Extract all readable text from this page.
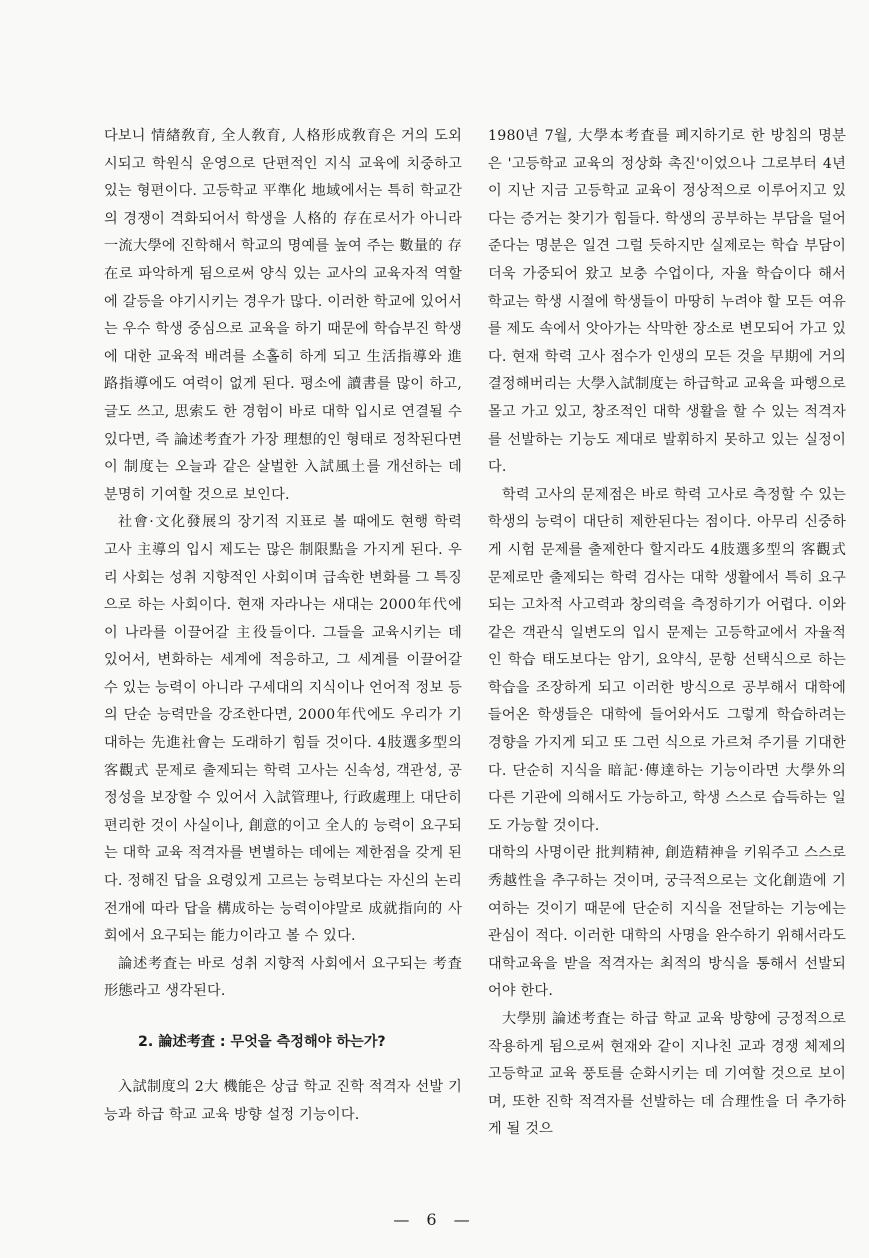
다보니 情緖敎育, 全人敎育, 人格形成敎育은 거의 도외시되고 학원식 운영으로 단편적인 지식 교육에 치중하고 있는 형편이다. 고등학교 平準化 地域에서는 특히 학교간의 경쟁이 격화되어서 학생을 人格的 存在로서가 아니라 一流大學에 진학해서 학교의 명예를 높여 주는 數量的 存在로 파악하게 됨으로써 양식 있는 교사의 교육자적 역할에 갈등을 야기시키는 경우가 많다. 이러한 학교에 있어서는 우수 학생 중심으로 교육을 하기 때문에 학습부진 학생에 대한 교육적 배려를 소홀히 하게 되고 生活指導와 進路指導에도 여력이 없게 된다. 평소에 讀書를 많이 하고, 글도 쓰고, 思索도 한 경험이 바로 대학 입시로 연결될 수 있다면, 즉 論述考査가 가장 理想的인 형태로 정착된다면 이 制度는 오늘과 같은 살벌한 入試風土를 개선하는 데 분명히 기여할 것으로 보인다.

社會·文化發展의 장기적 지표로 볼 때에도 현행 학력 고사 主導의 입시 제도는 많은 制限點을 가지게 된다. 우리 사회는 성취 지향적인 사회이며 급속한 변화를 그 특징으로 하는 사회이다. 현재 자라나는 새대는 2000年代에 이 나라를 이끌어갈 主役들이다. 그들을 교육시키는 데 있어서, 변화하는 세계에 적응하고, 그 세계를 이끌어갈 수 있는 능력이 아니라 구세대의 지식이나 언어적 정보 등의 단순 능력만을 강조한다면, 2000年代에도 우리가 기대하는 先進社會는 도래하기 힘들 것이다. 4肢選多型의 客觀式 문제로 출제되는 학력 고사는 신속성, 객관성, 공정성을 보장할 수 있어서 入試管理나, 行政處理上 대단히 편리한 것이 사실이나, 創意的이고 全人的 능력이 요구되는 대학 교육 적격자를 변별하는 데에는 제한점을 갖게 된다. 정해진 답을 요령있게 고르는 능력보다는 자신의 논리 전개에 따라 답을 構成하는 능력이야말로 成就指向的 사회에서 요구되는 能力이라고 볼 수 있다.

論述考査는 바로 성취 지향적 사회에서 요구되는 考査形態라고 생각된다.

2. 論述考査 : 무엇을 측정해야 하는가?

入試制度의 2大 機能은 상급 학교 진학 적격자 선발 기능과 하급 학교 교육 방향 설정 기능이다.

1980년 7월, 大學本考査를 폐지하기로 한 방침의 명분은 '고등학교 교육의 정상화 촉진'이었으나 그로부터 4년이 지난 지금 고등학교 교육이 정상적으로 이루어지고 있다는 증거는 찾기가 힘들다. 학생의 공부하는 부담을 덜어준다는 명분은 일견 그럴 듯하지만 실제로는 학습 부담이 더욱 가중되어 왔고 보충 수업이다, 자율 학습이다 해서 학교는 학생 시절에 학생들이 마땅히 누려야 할 모든 여유를 제도 속에서 앗아가는 삭막한 장소로 변모되어 가고 있다. 현재 학력 고사 점수가 인생의 모든 것을 早期에 거의 결정해버리는 大學入試制度는 하급학교 교육을 파행으로 몰고 가고 있고, 창조적인 대학 생활을 할 수 있는 적격자를 선발하는 기능도 제대로 발휘하지 못하고 있는 실정이다.

학력 고사의 문제점은 바로 학력 고사로 측정할 수 있는 학생의 능력이 대단히 제한된다는 점이다. 아무리 신중하게 시험 문제를 출제한다 할지라도 4肢選多型의 客觀式 문제로만 출제되는 학력 검사는 대학 생활에서 특히 요구되는 고차적 사고력과 창의력을 측정하기가 어렵다. 이와 같은 객관식 일변도의 입시 문제는 고등학교에서 자율적인 학습 태도보다는 암기, 요약식, 문항 선택식으로 하는 학습을 조장하게 되고 이러한 방식으로 공부해서 대학에 들어온 학생들은 대학에 들어와서도 그렇게 학습하려는 경향을 가지게 되고 또 그런 식으로 가르쳐 주기를 기대한다. 단순히 지식을 暗記·傳達하는 기능이라면 大學外의 다른 기관에 의해서도 가능하고, 학생 스스로 습득하는 일도 가능할 것이다.

대학의 사명이란 批判精神, 創造精神을 키워주고 스스로 秀越性을 추구하는 것이며, 궁극적으로는 文化創造에 기여하는 것이기 때문에 단순히 지식을 전달하는 기능에는 관심이 적다. 이러한 대학의 사명을 완수하기 위해서라도 대학교육을 받을 적격자는 최적의 방식을 통해서 선발되어야 한다.

大學別 論述考査는 하급 학교 교육 방향에 긍정적으로 작용하게 됨으로써 현재와 같이 지나친 교과 경쟁 체제의 고등학교 교육 풍토를 순화시키는 데 기여할 것으로 보이며, 또한 진학 적격자를 선발하는 데 合理性을 더 추가하게 될 것으

— 6 —
